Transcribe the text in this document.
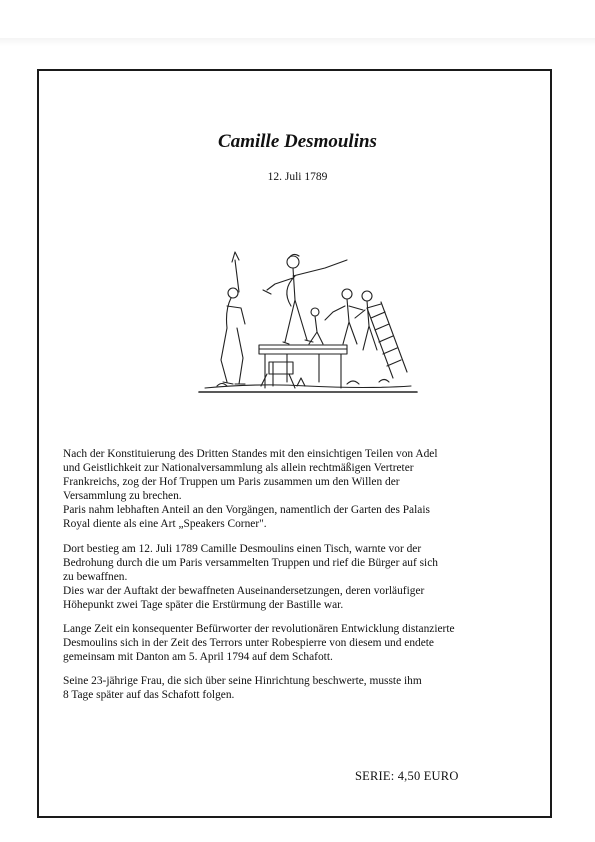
Camille Desmoulins
12. Juli 1789

Nach der Konstituierung des Dritten Standes mit den einsichtigen Teilen von Adel
und Geistlichkeit zur Nationalversammlung als allein rechtmäßigen Vertreter
Frankreichs, zog der Hof Truppen um Paris zusammen um den Willen der
Versammlung zu brechen.
Paris nahm lebhaften Anteil an den Vorgängen, namentlich der Garten des Palais
Royal diente als eine Art „Speakers Corner".

Dort bestieg am 12. Juli 1789 Camille Desmoulins einen Tisch, warnte vor der
Bedrohung durch die um Paris versammelten Truppen und rief die Bürger auf sich
zu bewaffnen.
Dies war der Auftakt der bewaffneten Auseinandersetzungen, deren vorläufiger
Höhepunkt zwei Tage später die Erstürmung der Bastille war.

Lange Zeit ein konsequenter Befürworter der revolutionären Entwicklung distanzierte
Desmoulins sich in der Zeit des Terrors unter Robespierre von diesem und endete
gemeinsam mit Danton am 5. April 1794 auf dem Schafott.

Seine 23-jährige Frau, die sich über seine Hinrichtung beschwerte, musste ihm
8 Tage später auf das Schafott folgen.

SERIE: 4,50 EURO
